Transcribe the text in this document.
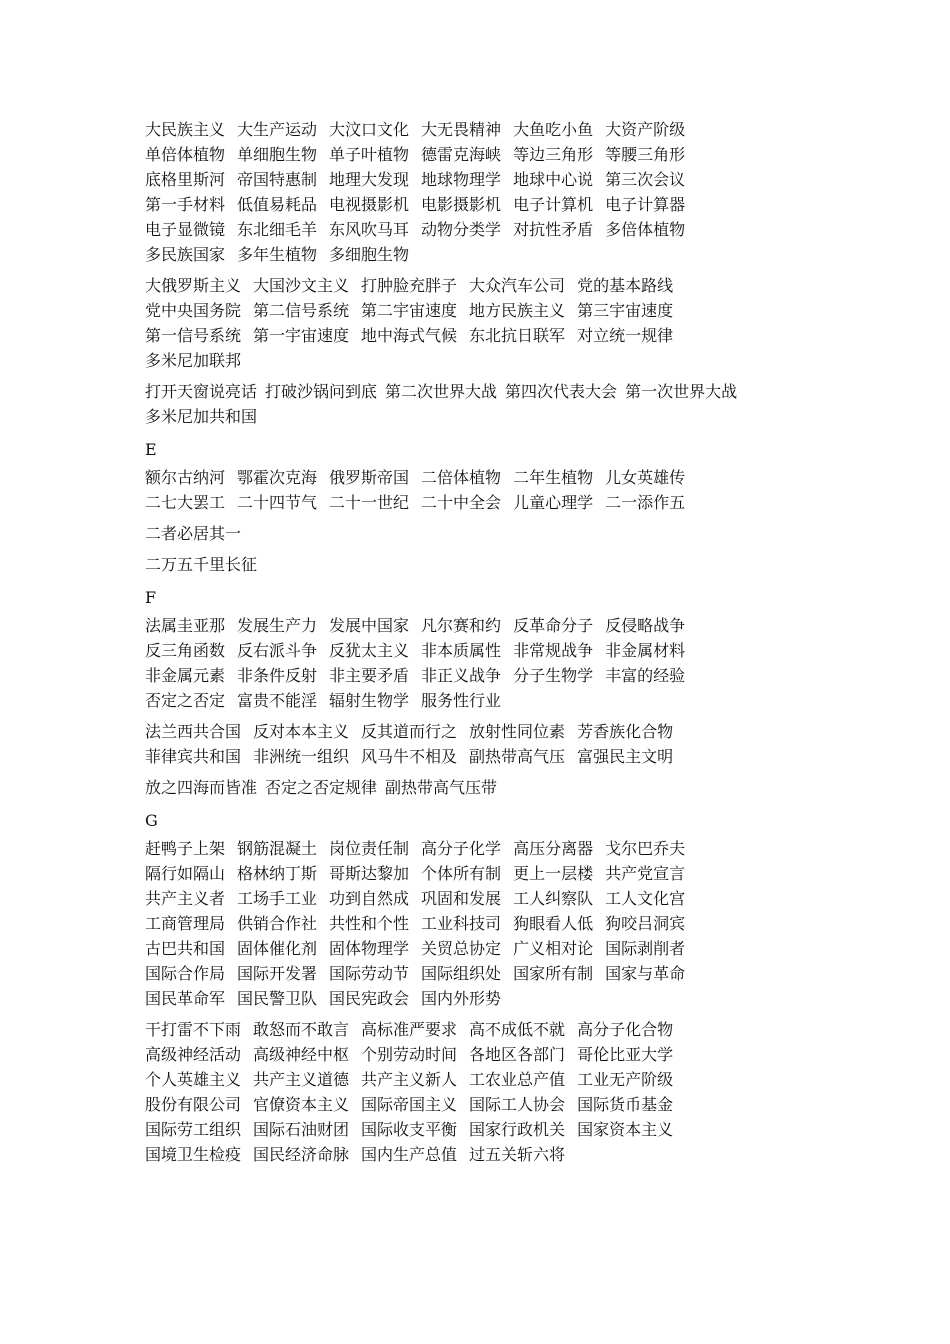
大民族主义 大生产运动 大汶口文化 大无畏精神 大鱼吃小鱼 大资产阶级
单倍体植物 单细胞生物 单子叶植物 德雷克海峡 等边三角形 等腰三角形
底格里斯河 帝国特惠制 地理大发现 地球物理学 地球中心说 第三次会议
第一手材料 低值易耗品 电视摄影机 电影摄影机 电子计算机 电子计算器
电子显微镜 东北细毛羊 东风吹马耳 动物分类学 对抗性矛盾 多倍体植物
多民族国家 多年生植物 多细胞生物
大俄罗斯主义 大国沙文主义 打肿脸充胖子 大众汽车公司 党的基本路线
党中央国务院 第二信号系统 第二宇宙速度 地方民族主义 第三宇宙速度
第一信号系统 第一宇宙速度 地中海式气候 东北抗日联军 对立统一规律
多米尼加联邦
打开天窗说亮话 打破沙锅问到底 第二次世界大战 第四次代表大会 第一次世界大战
多米尼加共和国
E
额尔古纳河 鄂霍次克海 俄罗斯帝国 二倍体植物 二年生植物 儿女英雄传
二七大罢工 二十四节气 二十一世纪 二十中全会 儿童心理学 二一添作五
二者必居其一
二万五千里长征
F
法属圭亚那 发展生产力 发展中国家 凡尔赛和约 反革命分子 反侵略战争
反三角函数 反右派斗争 反犹太主义 非本质属性 非常规战争 非金属材料
非金属元素 非条件反射 非主要矛盾 非正义战争 分子生物学 丰富的经验
否定之否定 富贵不能淫 辐射生物学 服务性行业
法兰西共合国 反对本本主义 反其道而行之 放射性同位素 芳香族化合物
菲律宾共和国 非洲统一组织 风马牛不相及 副热带高气压 富强民主文明
放之四海而皆准 否定之否定规律 副热带高气压带
G
赶鸭子上架 钢筋混凝土 岗位责任制 高分子化学 高压分离器 戈尔巴乔夫
隔行如隔山 格林纳丁斯 哥斯达黎加 个体所有制 更上一层楼 共产党宣言
共产主义者 工场手工业 功到自然成 巩固和发展 工人纠察队 工人文化宫
工商管理局 供销合作社 共性和个性 工业科技司 狗眼看人低 狗咬吕洞宾
古巴共和国 固体催化剂 固体物理学 关贸总协定 广义相对论 国际剥削者
国际合作局 国际开发署 国际劳动节 国际组织处 国家所有制 国家与革命
国民革命军 国民警卫队 国民宪政会 国内外形势
干打雷不下雨 敢怒而不敢言 高标准严要求 高不成低不就 高分子化合物
高级神经活动 高级神经中枢 个别劳动时间 各地区各部门 哥伦比亚大学
个人英雄主义 共产主义道德 共产主义新人 工农业总产值 工业无产阶级
股份有限公司 官僚资本主义 国际帝国主义 国际工人协会 国际货币基金
国际劳工组织 国际石油财团 国际收支平衡 国家行政机关 国家资本主义
国境卫生检疫 国民经济命脉 国内生产总值 过五关斩六将
